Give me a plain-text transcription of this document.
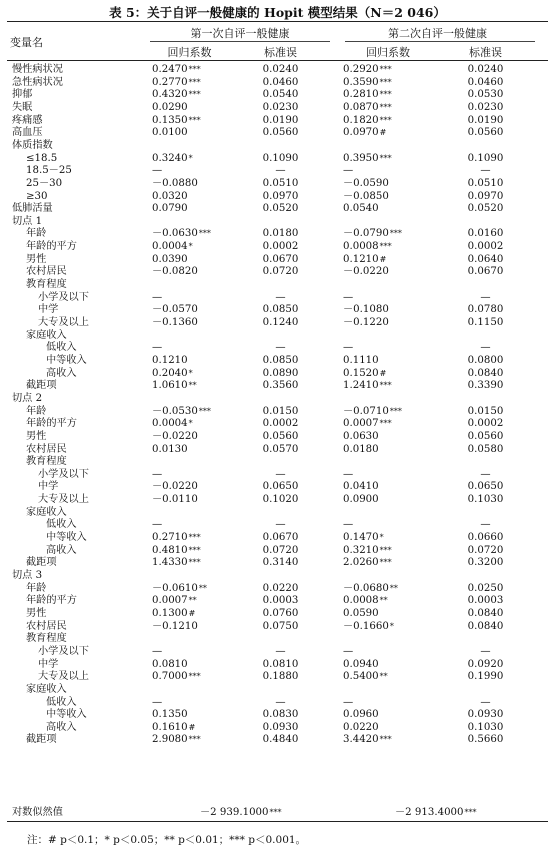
表 5：关于自评一般健康的 Hopit 模型结果（N＝2 046）
变量名
第一次自评一般健康	第二次自评一般健康
回归系数	标准误	回归系数	标准误
慢性病状况	0.2470***	0.0240	0.2920***	0.0240
急性病状况	0.2770***	0.0460	0.3590***	0.0460
抑郁	0.4320***	0.0540	0.2810***	0.0530
失眠	0.0290	0.0230	0.0870***	0.0230
疼痛感	0.1350***	0.0190	0.1820***	0.0190
高血压	0.0100	0.0560	0.0970#	0.0560
体质指数
≤18.5	0.3240*	0.1090	0.3950***	0.1090
18.5－25	—	—	—	—
25－30	－0.0880	0.0510	－0.0590	0.0510
≥30	0.0320	0.0970	－0.0850	0.0970
低肺活量	0.0790	0.0520	0.0540	0.0520
切点 1
年龄	－0.0630***	0.0180	－0.0790***	0.0160
年龄的平方	0.0004*	0.0002	0.0008***	0.0002
男性	0.0390	0.0670	0.1210#	0.0640
农村居民	－0.0820	0.0720	－0.0220	0.0670
教育程度
小学及以下	—	—	—	—
中学	－0.0570	0.0850	－0.1080	0.0780
大专及以上	－0.1360	0.1240	－0.1220	0.1150
家庭收入
低收入	—	—	—	—
中等收入	0.1210	0.0850	0.1110	0.0800
高收入	0.2040*	0.0890	0.1520#	0.0840
截距项	1.0610**	0.3560	1.2410***	0.3390
切点 2
年龄	－0.0530***	0.0150	－0.0710***	0.0150
年龄的平方	0.0004*	0.0002	0.0007***	0.0002
男性	－0.0220	0.0560	0.0630	0.0560
农村居民	0.0130	0.0570	0.0180	0.0580
教育程度
小学及以下	—	—	—	—
中学	－0.0220	0.0650	0.0410	0.0650
大专及以上	－0.0110	0.1020	0.0900	0.1030
家庭收入
低收入	—	—	—	—
中等收入	0.2710***	0.0670	0.1470*	0.0660
高收入	0.4810***	0.0720	0.3210***	0.0720
截距项	1.4330***	0.3140	2.0260***	0.3200
切点 3
年龄	－0.0610**	0.0220	－0.0680**	0.0250
年龄的平方	0.0007**	0.0003	0.0008**	0.0003
男性	0.1300#	0.0760	0.0590	0.0840
农村居民	－0.1210	0.0750	－0.1660*	0.0840
教育程度
小学及以下	—	—	—	—
中学	0.0810	0.0810	0.0940	0.0920
大专及以上	0.7000***	0.1880	0.5400**	0.1990
家庭收入
低收入	—	—	—	—
中等收入	0.1350	0.0830	0.0960	0.0930
高收入	0.1610#	0.0930	0.0220	0.1030
截距项	2.9080***	0.4840	3.4420***	0.5660
对数似然值	－2 939.1000***	－2 913.4000***
注：# p＜0.1；* p＜0.05；** p＜0.01；*** p＜0.001。
